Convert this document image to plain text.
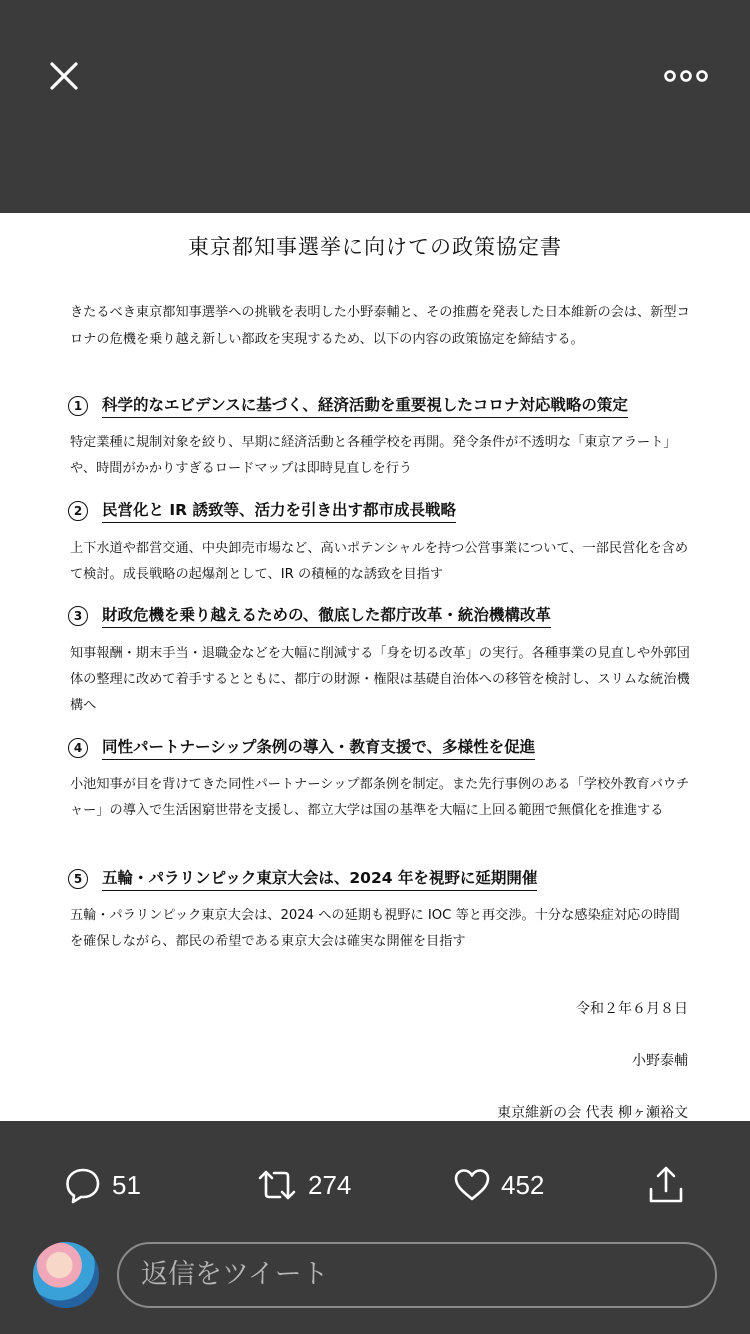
東京都知事選挙に向けての政策協定書
きたるべき東京都知事選挙への挑戦を表明した小野泰輔と、その推薦を発表した日本維新の会は、新型コロナの危機を乗り越え新しい都政を実現するため、以下の内容の政策協定を締結する。
1	科学的なエビデンスに基づく、経済活動を重要視したコロナ対応戦略の策定
特定業種に規制対象を絞り、早期に経済活動と各種学校を再開。発令条件が不透明な「東京アラート」や、時間がかかりすぎるロードマップは即時見直しを行う
2	民営化と IR 誘致等、活力を引き出す都市成長戦略
上下水道や都営交通、中央卸売市場など、高いポテンシャルを持つ公営事業について、一部民営化を含めて検討。成長戦略の起爆剤として、IR の積極的な誘致を目指す
3	財政危機を乗り越えるための、徹底した都庁改革・統治機構改革
知事報酬・期末手当・退職金などを大幅に削減する「身を切る改革」の実行。各種事業の見直しや外郭団体の整理に改めて着手するとともに、都庁の財源・権限は基礎自治体への移管を検討し、スリムな統治機構へ
4	同性パートナーシップ条例の導入・教育支援で、多様性を促進
小池知事が目を背けてきた同性パートナーシップ都条例を制定。また先行事例のある「学校外教育バウチャー」の導入で生活困窮世帯を支援し、都立大学は国の基準を大幅に上回る範囲で無償化を推進する
5	五輪・パラリンピック東京大会は、2024 年を視野に延期開催
五輪・パラリンピック東京大会は、2024 への延期も視野に IOC 等と再交渉。十分な感染症対応の時間を確保しながら、都民の希望である東京大会は確実な開催を目指す
令和２年６月８日
小野泰輔
東京維新の会 代表 柳ヶ瀬裕文
51	274	452
返信をツイート
